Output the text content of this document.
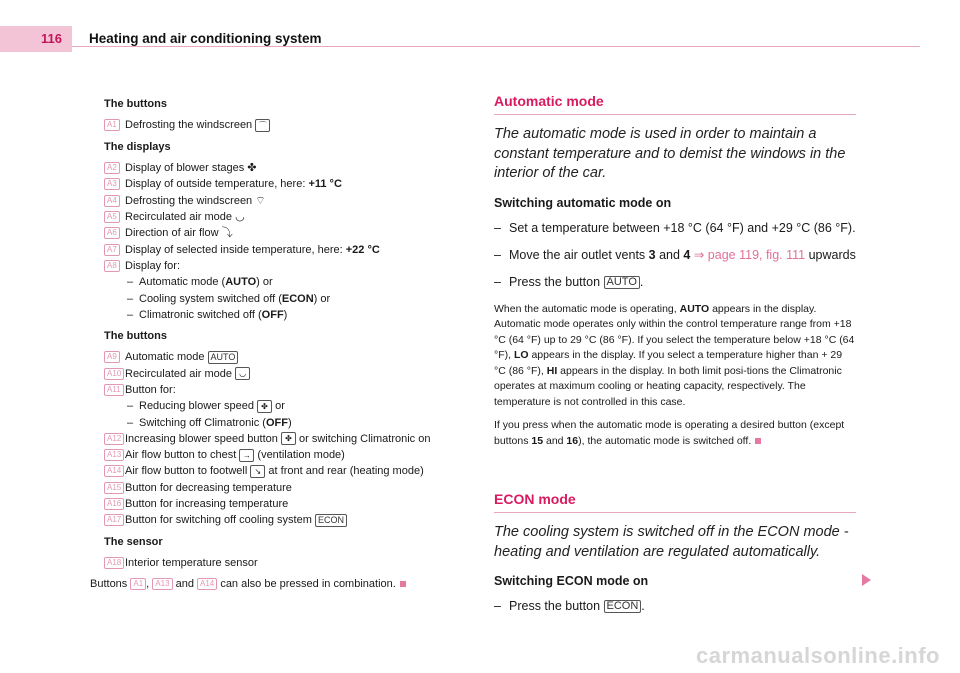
116	Heating and air conditioning system

The buttons

A1 Defrosting the windscreen ⌒

The displays

A2 Display of blower stages ✤
A3 Display of outside temperature, here: +11 °C
A4 Defrosting the windscreen ⌔
A5 Recirculated air mode ◡
A6 Direction of air flow ⤵
A7 Display of selected inside temperature, here: +22 °C
A8 Display for:
– Automatic mode (AUTO) or
– Cooling system switched off (ECON) or
– Climatronic switched off (OFF)

The buttons

A9 Automatic mode AUTO
A10 Recirculated air mode ◡
A11 Button for:
– Reducing blower speed ✤ or
– Switching off Climatronic (OFF)
A12 Increasing blower speed button ✤ or switching Climatronic on
A13 Air flow button to chest → (ventilation mode)
A14 Air flow button to footwell ↘ at front and rear (heating mode)
A15 Button for decreasing temperature
A16 Button for increasing temperature
A17 Button for switching off cooling system ECON

The sensor

A18 Interior temperature sensor
Buttons A1 , A13 and A14 can also be pressed in combination.
Automatic mode

The automatic mode is used in order to maintain a constant temperature and to demist the windows in the interior of the car.

Switching automatic mode on

– Set a temperature between +18 °C (64 °F) and +29 °C (86 °F).
– Move the air outlet vents 3 and 4 ⇒ page 119, fig. 111 upwards
– Press the button AUTO .

When the automatic mode is operating, AUTO appears in the display. Automatic mode operates only within the control temperature range from +18 °C (64 °F) up to 29 °C (86 °F). If you select the temperature below +18 °C (64 °F), LO appears in the display. If you select a temperature higher than + 29 °C (86 °F), HI appears in the display. In both limit posi-tions the Climatronic operates at maximum cooling or heating capacity, respectively. The temperature is not controlled in this case.

If you press when the automatic mode is operating a desired button (except buttons 15 and 16), the automatic mode is switched off.

ECON mode

The cooling system is switched off in the ECON mode - heating and ventilation are regulated automatically.

Switching ECON mode on

– Press the button ECON .
carmanualsonline.info
